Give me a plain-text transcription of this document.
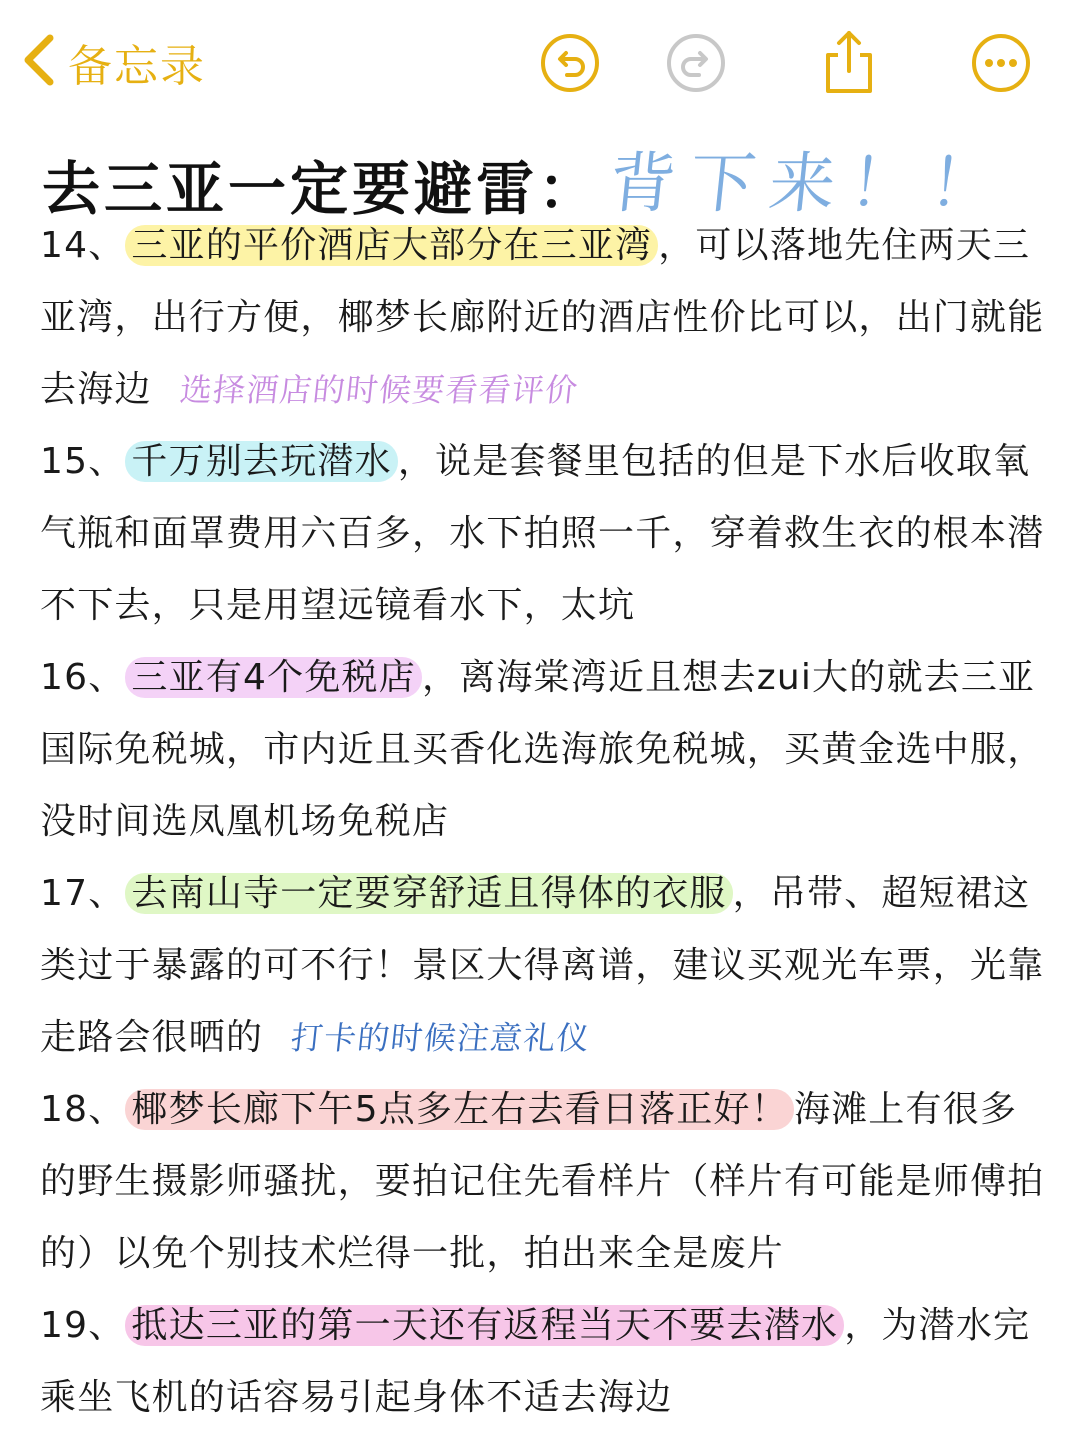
备忘录
去三亚一定要避雷： 背下来！！

14、 三亚的平价酒店大部分在三亚湾 ，可以落地先住两天三亚湾，出行方便，椰梦长廊附近的酒店性价比可以，出门就能去海边 选择酒店的时候要看看评价

15、 千万别去玩潜水 ，说是套餐里包括的但是下水后收取氧气瓶和面罩费用六百多，水下拍照一千，穿着救生衣的根本潜不下去，只是用望远镜看水下，太坑

16、 三亚有4个免税店 ，离海棠湾近且想去zui大的就去三亚国际免税城，市内近且买香化选海旅免税城，买黄金选中服，没时间选凤凰机场免税店

17、 去南山寺一定要穿舒适且得体的衣服 ，吊带、超短裙这类过于暴露的可不行！景区大得离谱，建议买观光车票，光靠走路会很晒的 打卡的时候注意礼仪

18、 椰梦长廊下午5点多左右去看日落正好！ 海滩上有很多的野生摄影师骚扰，要拍记住先看样片（样片有可能是师傅拍的）以免个别技术烂得一批，拍出来全是废片

19、 抵达三亚的第一天还有返程当天不要去潜水 ，为潜水完乘坐飞机的话容易引起身体不适去海边
